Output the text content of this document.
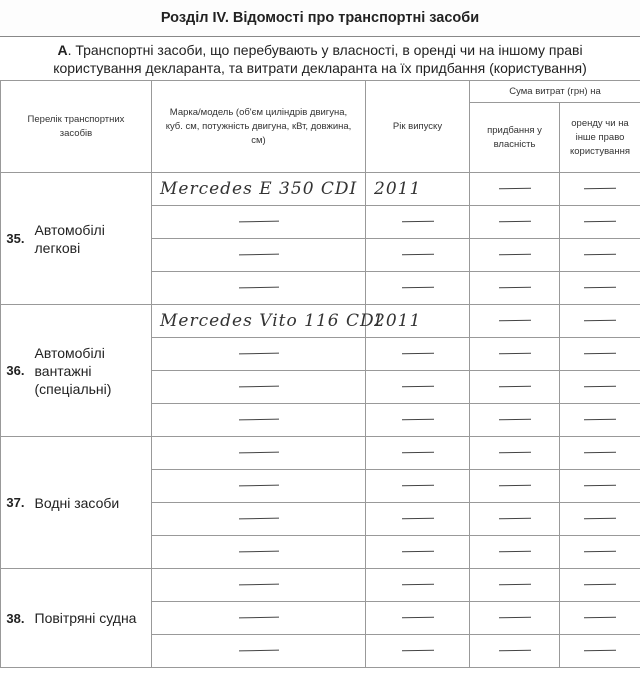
Розділ IV. Відомості про транспортні засоби
А. Транспортні засоби, що перебувають у власності, в оренді чи на іншому праві користування декларанта, та витрати декларанта на їх придбання (користування)
Перелік транспортних засобів		Марка/модель (об'єм циліндрів двигуна, куб. см, потужність двигуна, кВт, довжина, см)	Рік випуску	Сума витрат (грн) на	
				придбання у власність	оренду чи на інше право користування
35.	Автомобілі легкові	Mercedes E 350 CDI	2011	

36.	Автомобілі вантажні (спеціальні)	Mercedes Vito 116 CDI	2011	

37.	Водні засоби	

38.	Повітряні судна	
